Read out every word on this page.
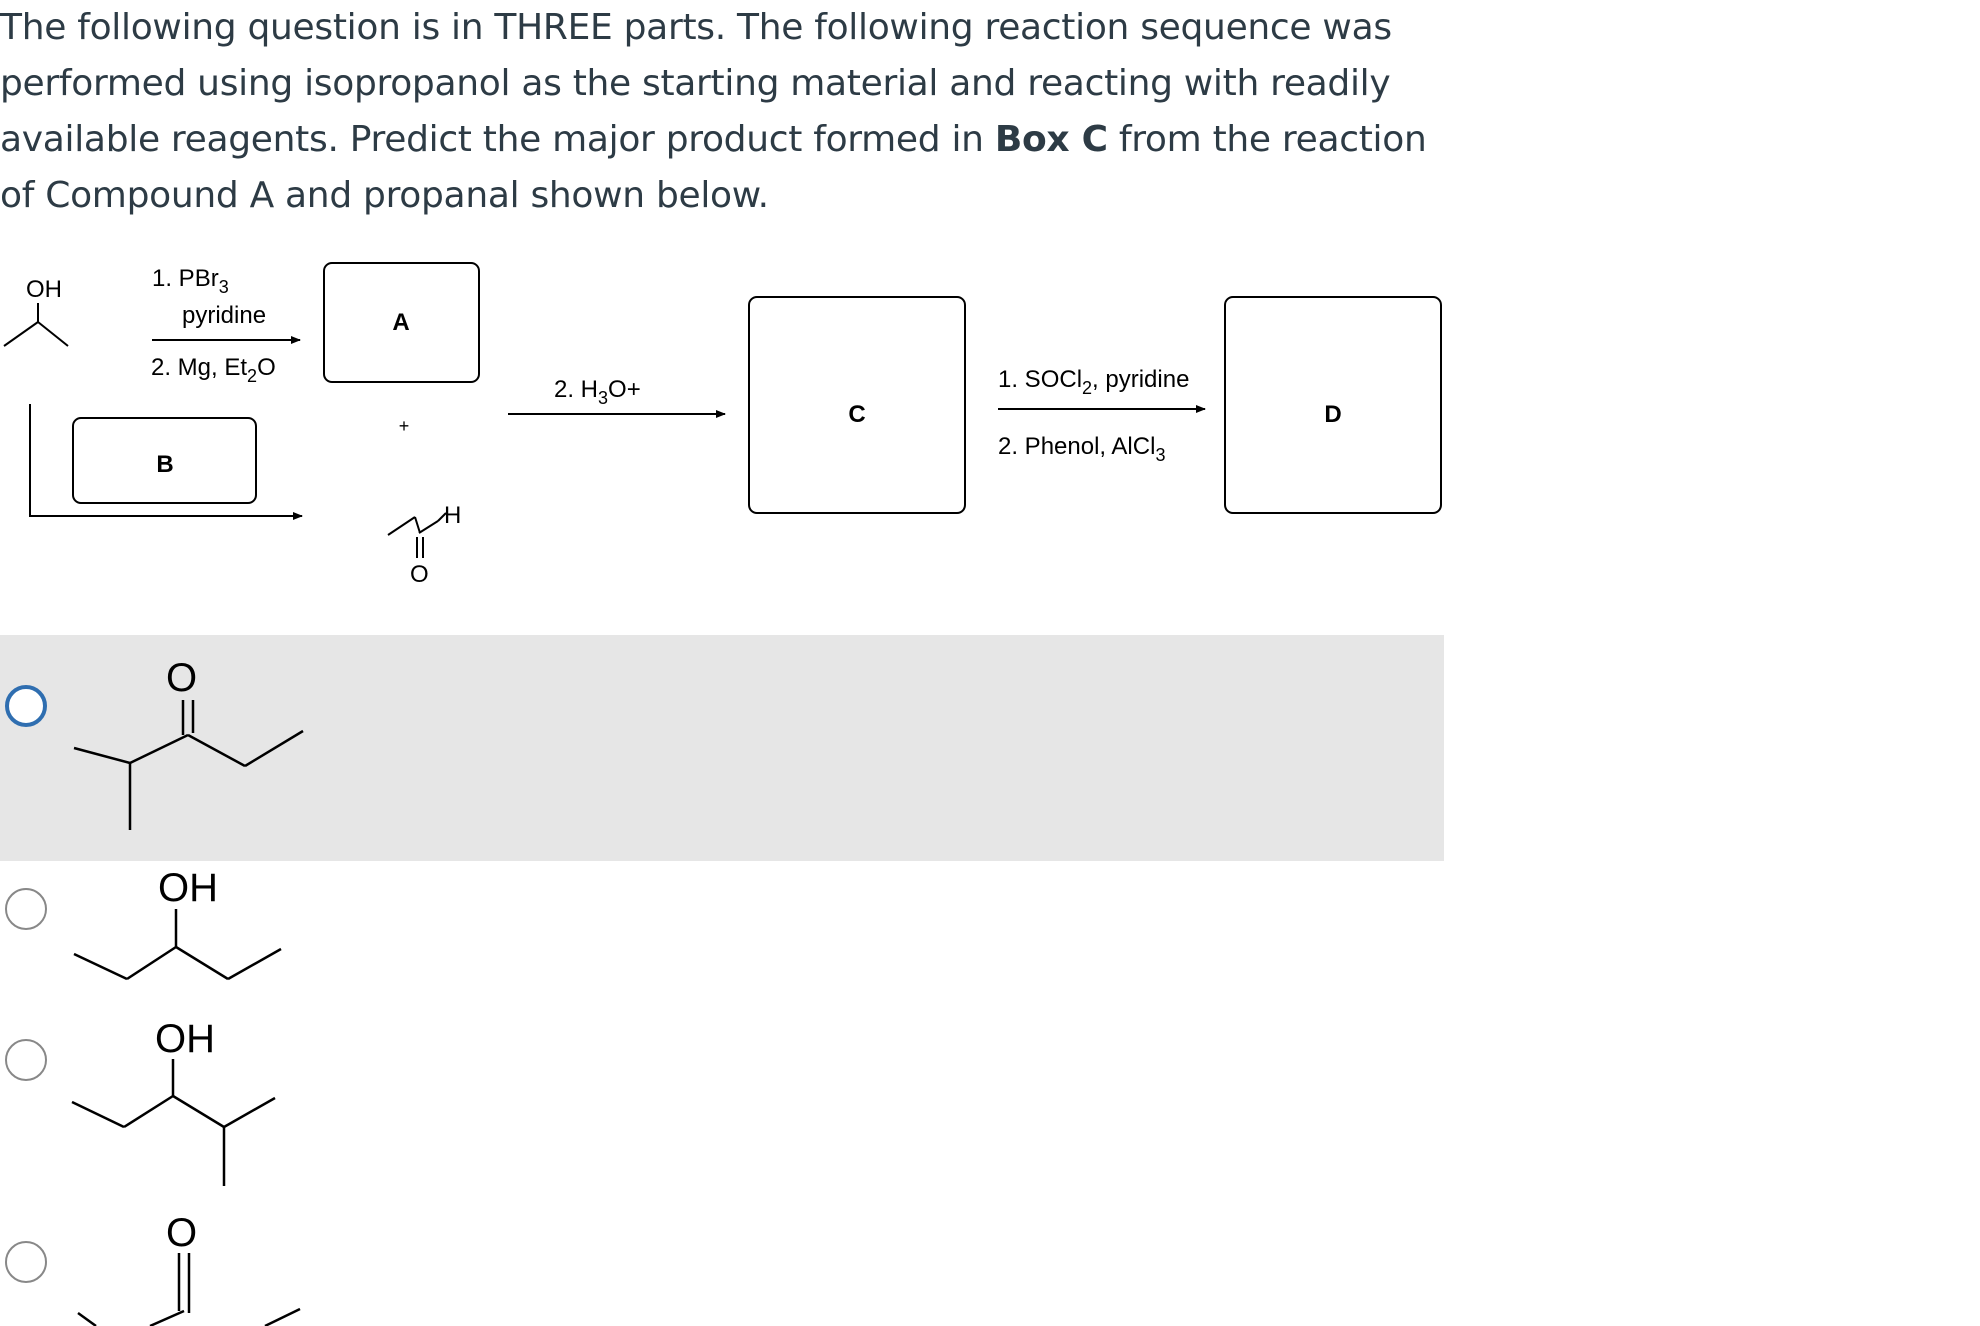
The following question is in THREE parts. The following reaction sequence was performed using isopropanol as the starting material and reacting with readily available reagents. Predict the major product formed in Box C from the reaction of Compound A and propanal shown below.

OH	1. PBr$_3$
pyridine
2. Mg, $Et_2O$
A
B
+
H
O
2. $H_3O+$
C
1. SOCl$_2$, pyridine
2. Phenol, AlCl$_3$
D
O
OH
OH
O
